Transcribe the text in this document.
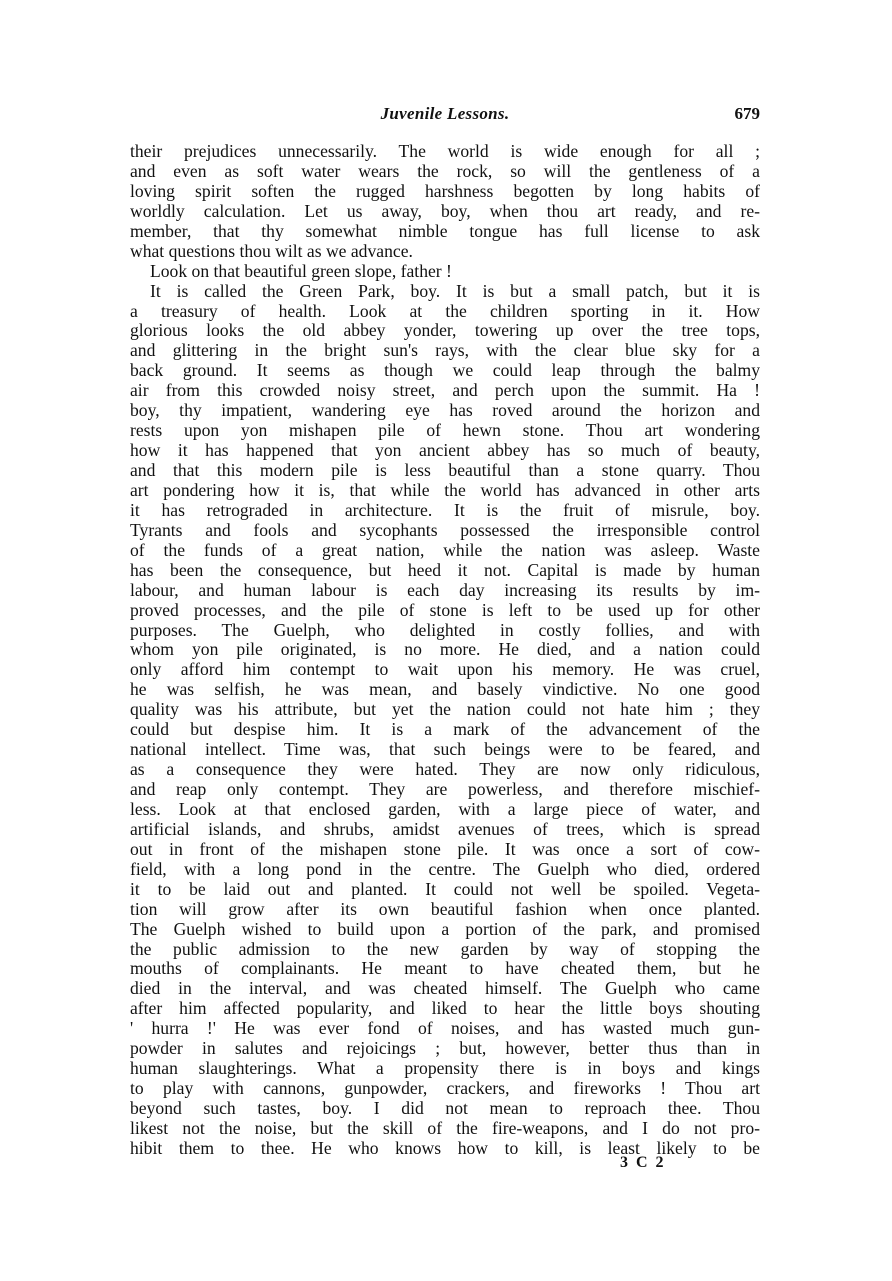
Juvenile Lessons.	679
their prejudices unnecessarily. The world is wide enough for all ;
and even as soft water wears the rock, so will the gentleness of a
loving spirit soften the rugged harshness begotten by long habits of
worldly calculation. Let us away, boy, when thou art ready, and re-
member, that thy somewhat nimble tongue has full license to ask
what questions thou wilt as we advance.
Look on that beautiful green slope, father !
It is called the Green Park, boy. It is but a small patch, but it is
a treasury of health. Look at the children sporting in it. How
glorious looks the old abbey yonder, towering up over the tree tops,
and glittering in the bright sun's rays, with the clear blue sky for a
back ground. It seems as though we could leap through the balmy
air from this crowded noisy street, and perch upon the summit. Ha !
boy, thy impatient, wandering eye has roved around the horizon and
rests upon yon mishapen pile of hewn stone. Thou art wondering
how it has happened that yon ancient abbey has so much of beauty,
and that this modern pile is less beautiful than a stone quarry. Thou
art pondering how it is, that while the world has advanced in other arts
it has retrograded in architecture. It is the fruit of misrule, boy.
Tyrants and fools and sycophants possessed the irresponsible control
of the funds of a great nation, while the nation was asleep. Waste
has been the consequence, but heed it not. Capital is made by human
labour, and human labour is each day increasing its results by im-
proved processes, and the pile of stone is left to be used up for other
purposes. The Guelph, who delighted in costly follies, and with
whom yon pile originated, is no more. He died, and a nation could
only afford him contempt to wait upon his memory. He was cruel,
he was selfish, he was mean, and basely vindictive. No one good
quality was his attribute, but yet the nation could not hate him ; they
could but despise him. It is a mark of the advancement of the
national intellect. Time was, that such beings were to be feared, and
as a consequence they were hated. They are now only ridiculous,
and reap only contempt. They are powerless, and therefore mischief-
less. Look at that enclosed garden, with a large piece of water, and
artificial islands, and shrubs, amidst avenues of trees, which is spread
out in front of the mishapen stone pile. It was once a sort of cow-
field, with a long pond in the centre. The Guelph who died, ordered
it to be laid out and planted. It could not well be spoiled. Vegeta-
tion will grow after its own beautiful fashion when once planted.
The Guelph wished to build upon a portion of the park, and promised
the public admission to the new garden by way of stopping the
mouths of complainants. He meant to have cheated them, but he
died in the interval, and was cheated himself. The Guelph who came
after him affected popularity, and liked to hear the little boys shouting
' hurra !' He was ever fond of noises, and has wasted much gun-
powder in salutes and rejoicings ; but, however, better thus than in
human slaughterings. What a propensity there is in boys and kings
to play with cannons, gunpowder, crackers, and fireworks ! Thou art
beyond such tastes, boy. I did not mean to reproach thee. Thou
likest not the noise, but the skill of the fire-weapons, and I do not pro-
hibit them to thee. He who knows how to kill, is least likely to be
3 C 2
